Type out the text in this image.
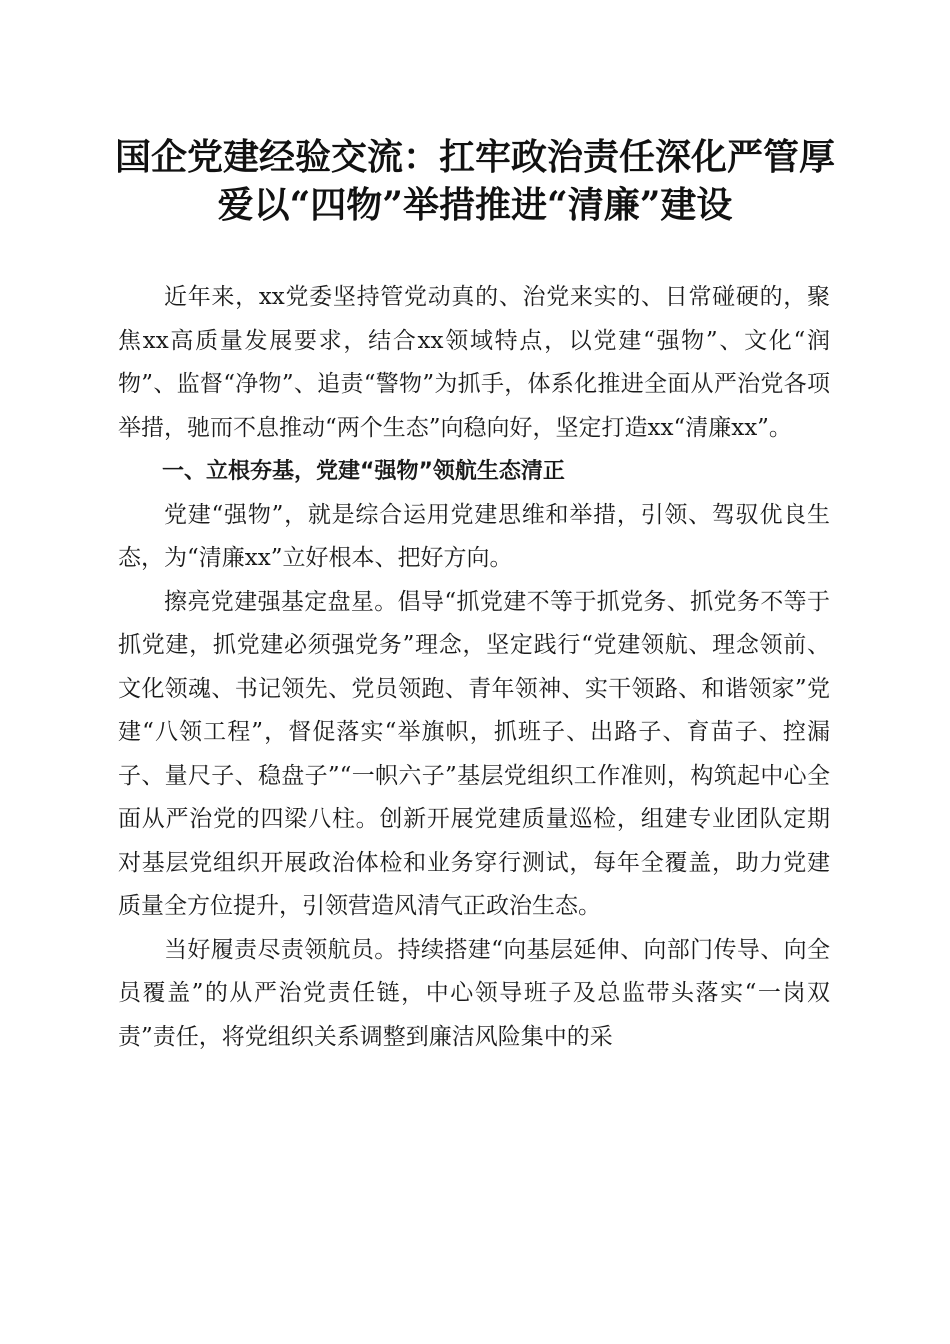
国企党建经验交流：扛牢政治责任深化严管厚
爱以“四物”举措推进“清廉”建设

近年来，xx党委坚持管党动真的、治党来实的、日常碰硬的，聚焦xx高质量发展要求，结合xx领域特点，以党建“强物”、文化“润物”、监督“净物”、追责“警物”为抓手，体系化推进全面从严治党各项举措，驰而不息推动“两个生态”向稳向好，坚定打造xx“清廉xx”。

一、立根夯基，党建“强物”领航生态清正

党建“强物”，就是综合运用党建思维和举措，引领、驾驭优良生态，为“清廉xx”立好根本、把好方向。

擦亮党建强基定盘星。倡导“抓党建不等于抓党务、抓党务不等于抓党建，抓党建必须强党务”理念，坚定践行“党建领航、理念领前、文化领魂、书记领先、党员领跑、青年领神、实干领路、和谐领家”党建“八领工程”，督促落实“举旗帜，抓班子、出路子、育苗子、控漏子、量尺子、稳盘子”“一帜六子”基层党组织工作准则，构筑起中心全面从严治党的四梁八柱。创新开展党建质量巡检，组建专业团队定期对基层党组织开展政治体检和业务穿行测试，每年全覆盖，助力党建质量全方位提升，引领营造风清气正政治生态。

当好履责尽责领航员。持续搭建“向基层延伸、向部门传导、向全员覆盖”的从严治党责任链，中心领导班子及总监带头落实“一岗双责”责任，将党组织关系调整到廉洁风险集中的采
